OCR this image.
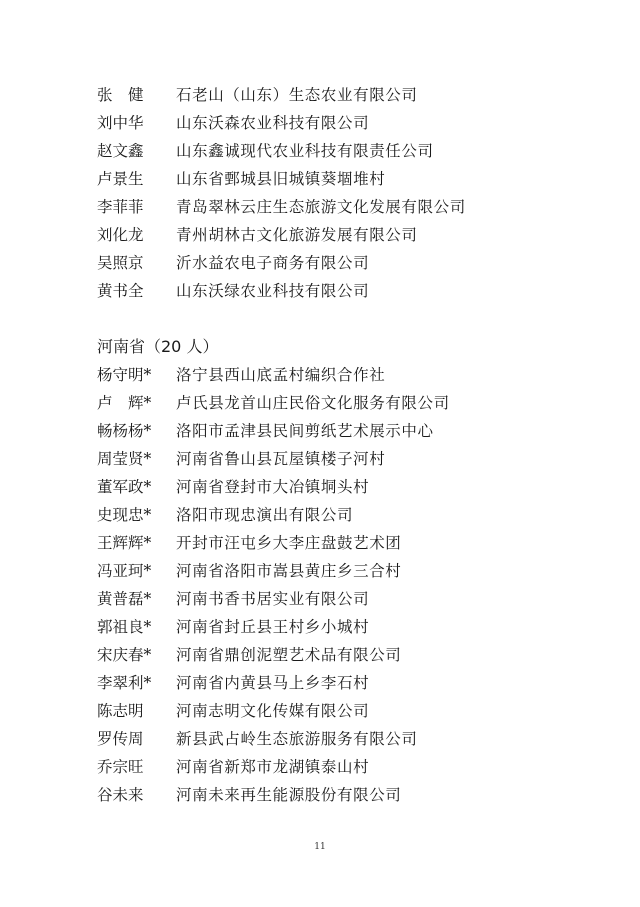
张　健	石老山（山东）生态农业有限公司
刘中华	山东沃森农业科技有限公司
赵文鑫	山东鑫诚现代农业科技有限责任公司
卢景生	山东省鄄城县旧城镇葵堌堆村
李菲菲	青岛翠林云庄生态旅游文化发展有限公司
刘化龙	青州胡林古文化旅游发展有限公司
吴照京	沂水益农电子商务有限公司
黄书全	山东沃绿农业科技有限公司
河南省（20 人）
杨守明*	洛宁县西山底孟村编织合作社
卢　辉*	卢氏县龙首山庄民俗文化服务有限公司
畅杨杨*	洛阳市孟津县民间剪纸艺术展示中心
周莹贤*	河南省鲁山县瓦屋镇楼子河村
董军政*	河南省登封市大冶镇垌头村
史现忠*	洛阳市现忠演出有限公司
王辉辉*	开封市汪屯乡大李庄盘鼓艺术团
冯亚珂*	河南省洛阳市嵩县黄庄乡三合村
黄普磊*	河南书香书居实业有限公司
郭祖良*	河南省封丘县王村乡小城村
宋庆春*	河南省鼎创泥塑艺术品有限公司
李翠利*	河南省内黄县马上乡李石村
陈志明	河南志明文化传媒有限公司
罗传周	新县武占岭生态旅游服务有限公司
乔宗旺	河南省新郑市龙湖镇泰山村
谷未来	河南未来再生能源股份有限公司
11
